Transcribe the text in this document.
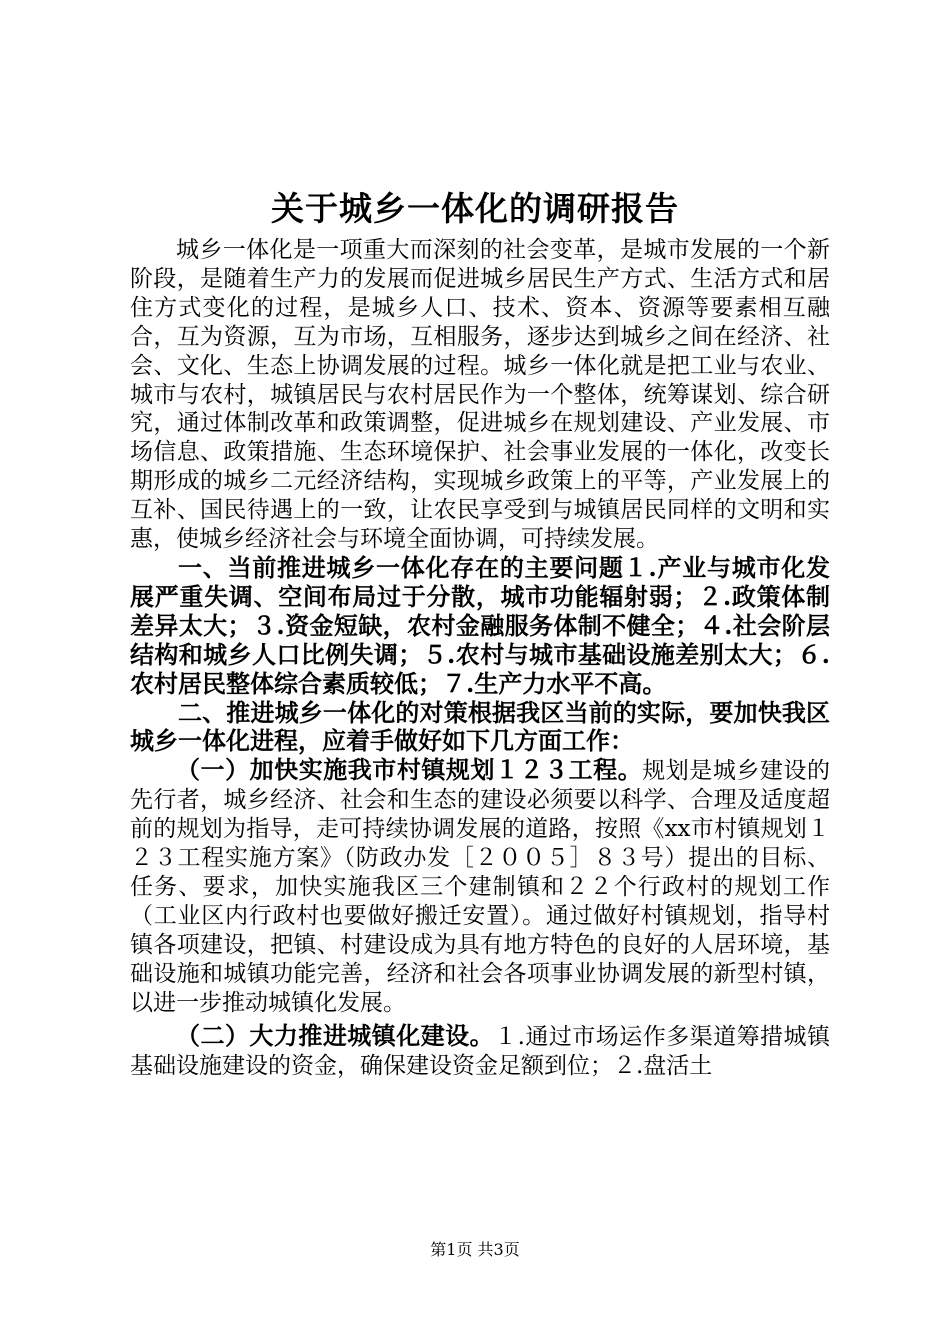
关于城乡一体化的调研报告

城乡一体化是一项重大而深刻的社会变革，是城市发展的一个新阶段，是随着生产力的发展而促进城乡居民生产方式、生活方式和居住方式变化的过程，是城乡人口、技术、资本、资源等要素相互融合，互为资源，互为市场，互相服务，逐步达到城乡之间在经济、社会、文化、生态上协调发展的过程。城乡一体化就是把工业与农业、城市与农村，城镇居民与农村居民作为一个整体，统筹谋划、综合研究，通过体制改革和政策调整，促进城乡在规划建设、产业发展、市场信息、政策措施、生态环境保护、社会事业发展的一体化，改变长期形成的城乡二元经济结构，实现城乡政策上的平等，产业发展上的互补、国民待遇上的一致，让农民享受到与城镇居民同样的文明和实惠，使城乡经济社会与环境全面协调，可持续发展。

一、当前推进城乡一体化存在的主要问题１.产业与城市化发展严重失调、空间布局过于分散，城市功能辐射弱；２.政策体制差异太大；３.资金短缺，农村金融服务体制不健全；４.社会阶层结构和城乡人口比例失调；５.农村与城市基础设施差别太大；６.农村居民整体综合素质较低；７.生产力水平不高。

二、推进城乡一体化的对策根据我区当前的实际，要加快我区城乡一体化进程，应着手做好如下几方面工作：

（一）加快实施我市村镇规划１２３工程。规划是城乡建设的先行者，城乡经济、社会和生态的建设必须要以科学、合理及适度超前的规划为指导，走可持续协调发展的道路，按照《xx市村镇规划１２３工程实施方案》（防政办发［２００５］８３号）提出的目标、任务、要求，加快实施我区三个建制镇和２２个行政村的规划工作（工业区内行政村也要做好搬迁安置）。通过做好村镇规划，指导村镇各项建设，把镇、村建设成为具有地方特色的良好的人居环境，基础设施和城镇功能完善，经济和社会各项事业协调发展的新型村镇，以进一步推动城镇化发展。

（二）大力推进城镇化建设。１.通过市场运作多渠道筹措城镇基础设施建设的资金，确保建设资金足额到位；２.盘活土

第1页 共3页
